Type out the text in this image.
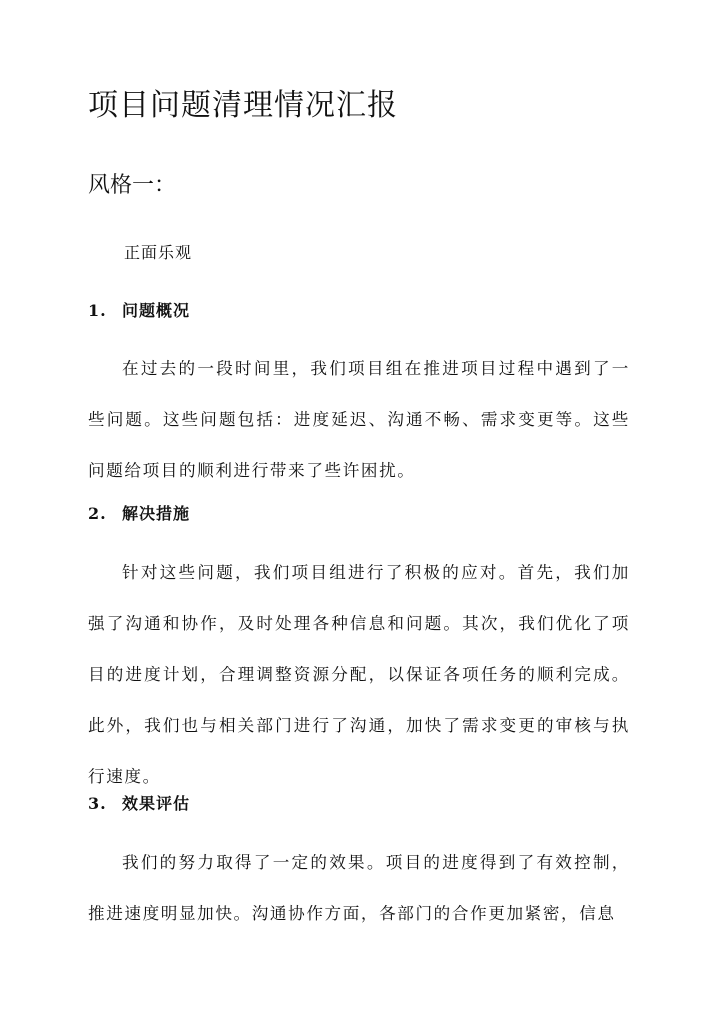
项目问题清理情况汇报
风格一：

正面乐观

1. 问题概况

在过去的一段时间里，我们项目组在推进项目过程中遇到了一些问题。这些问题包括：进度延迟、沟通不畅、需求变更等。这些问题给项目的顺利进行带来了些许困扰。

2. 解决措施

针对这些问题，我们项目组进行了积极的应对。首先，我们加强了沟通和协作，及时处理各种信息和问题。其次，我们优化了项目的进度计划，合理调整资源分配，以保证各项任务的顺利完成。此外，我们也与相关部门进行了沟通，加快了需求变更的审核与执行速度。

3. 效果评估

我们的努力取得了一定的效果。项目的进度得到了有效控制，推进速度明显加快。沟通协作方面，各部门的合作更加紧密，信息
